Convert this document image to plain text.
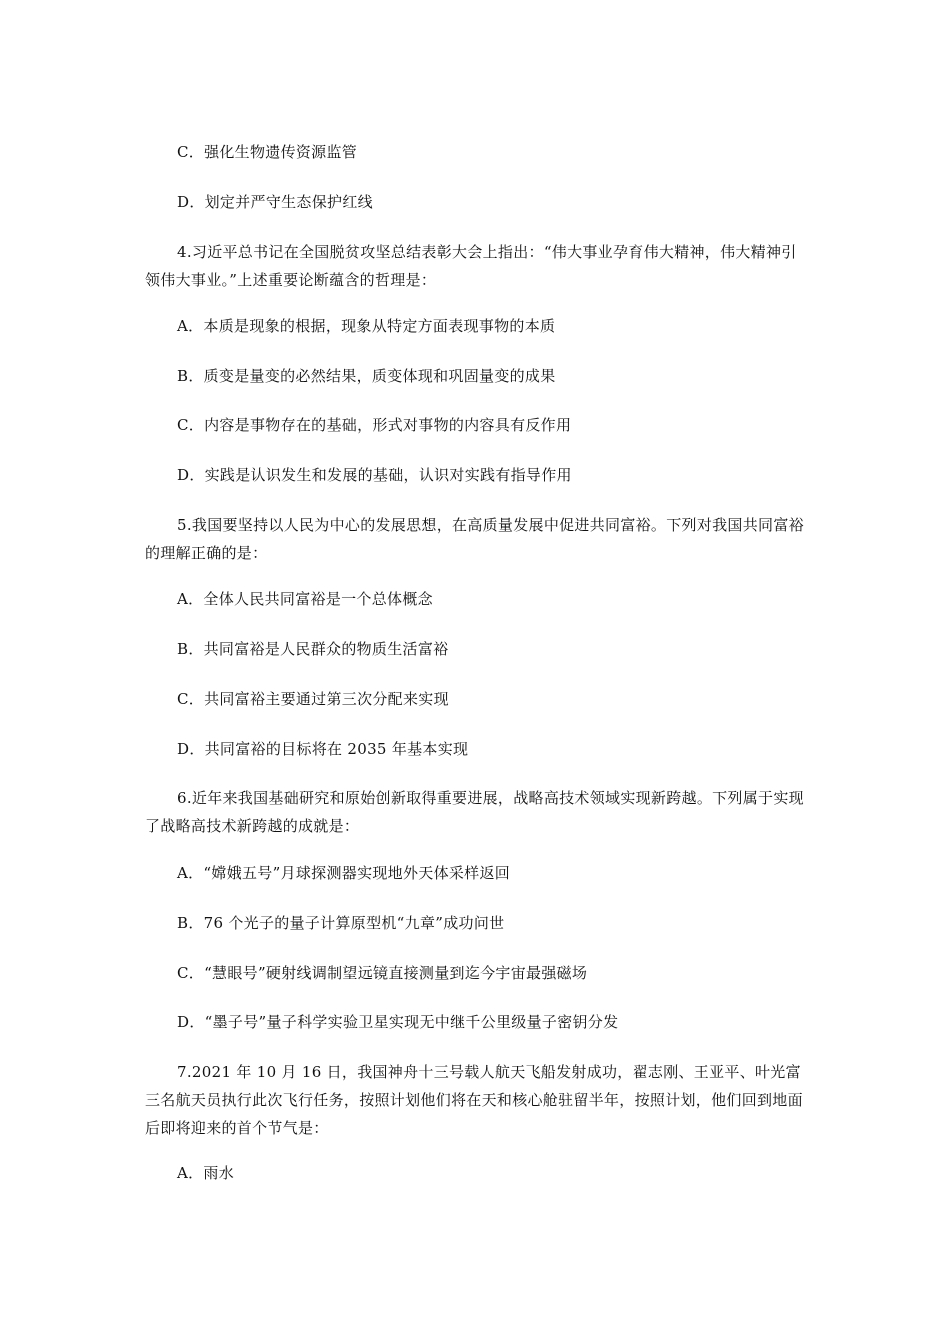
C．强化生物遗传资源监管
D．划定并严守生态保护红线
4.习近平总书记在全国脱贫攻坚总结表彰大会上指出：“伟大事业孕育伟大精神，伟大精神引领伟大事业。”上述重要论断蕴含的哲理是：
A．本质是现象的根据，现象从特定方面表现事物的本质
B．质变是量变的必然结果，质变体现和巩固量变的成果
C．内容是事物存在的基础，形式对事物的内容具有反作用
D．实践是认识发生和发展的基础，认识对实践有指导作用
5.我国要坚持以人民为中心的发展思想，在高质量发展中促进共同富裕。下列对我国共同富裕的理解正确的是：
A．全体人民共同富裕是一个总体概念
B．共同富裕是人民群众的物质生活富裕
C．共同富裕主要通过第三次分配来实现
D．共同富裕的目标将在 2035 年基本实现
6.近年来我国基础研究和原始创新取得重要进展，战略高技术领域实现新跨越。下列属于实现了战略高技术新跨越的成就是：
A．“嫦娥五号”月球探测器实现地外天体采样返回
B．76 个光子的量子计算原型机“九章”成功问世
C．“慧眼号”硬射线调制望远镜直接测量到迄今宇宙最强磁场
D．“墨子号”量子科学实验卫星实现无中继千公里级量子密钥分发
7.2021 年 10 月 16 日，我国神舟十三号载人航天飞船发射成功，翟志刚、王亚平、叶光富三名航天员执行此次飞行任务，按照计划他们将在天和核心舱驻留半年，按照计划，他们回到地面后即将迎来的首个节气是：
A．雨水
